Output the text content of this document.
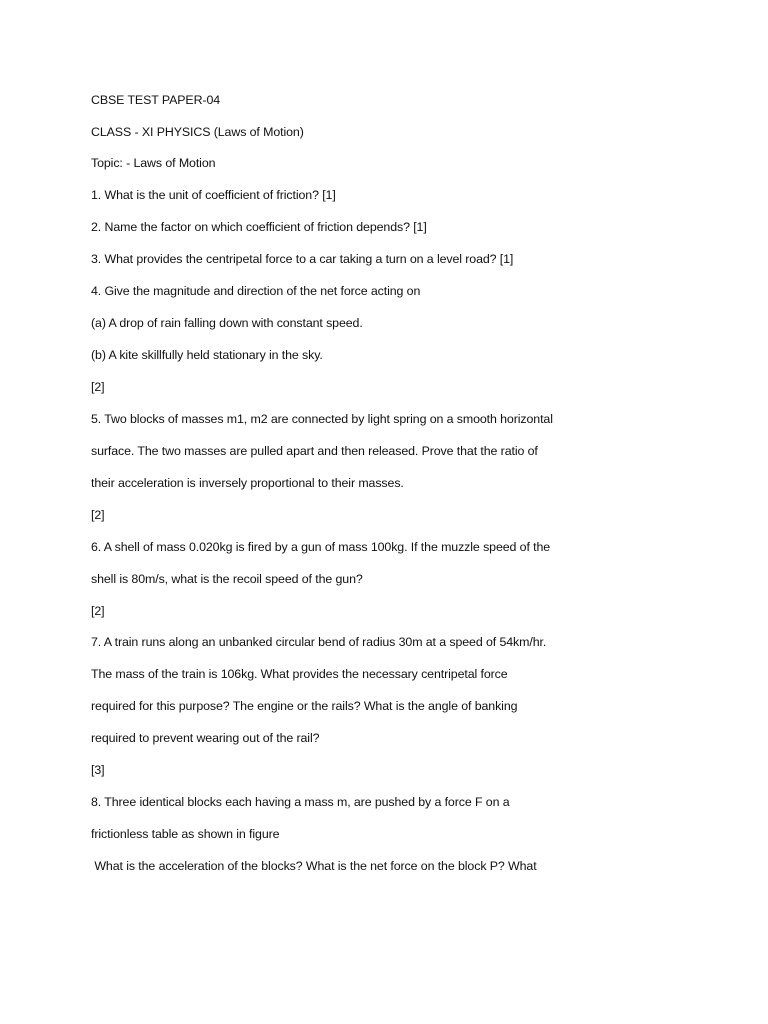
CBSE TEST PAPER-04
CLASS - XI PHYSICS (Laws of Motion)
Topic: - Laws of Motion
1. What is the unit of coefficient of friction? [1]
2. Name the factor on which coefficient of friction depends? [1]
3. What provides the centripetal force to a car taking a turn on a level road? [1]
4. Give the magnitude and direction of the net force acting on
(a) A drop of rain falling down with constant speed.
(b) A kite skillfully held stationary in the sky.
[2]
5. Two blocks of masses m1, m2 are connected by light spring on a smooth horizontal
surface. The two masses are pulled apart and then released. Prove that the ratio of
their acceleration is inversely proportional to their masses.
[2]
6. A shell of mass 0.020kg is fired by a gun of mass 100kg. If the muzzle speed of the
shell is 80m/s, what is the recoil speed of the gun?
[2]
7. A train runs along an unbanked circular bend of radius 30m at a speed of 54km/hr.
The mass of the train is 106kg. What provides the necessary centripetal force
required for this purpose? The engine or the rails? What is the angle of banking
required to prevent wearing out of the rail?
[3]
8. Three identical blocks each having a mass m, are pushed by a force F on a
frictionless table as shown in figure
What is the acceleration of the blocks? What is the net force on the block P? What
